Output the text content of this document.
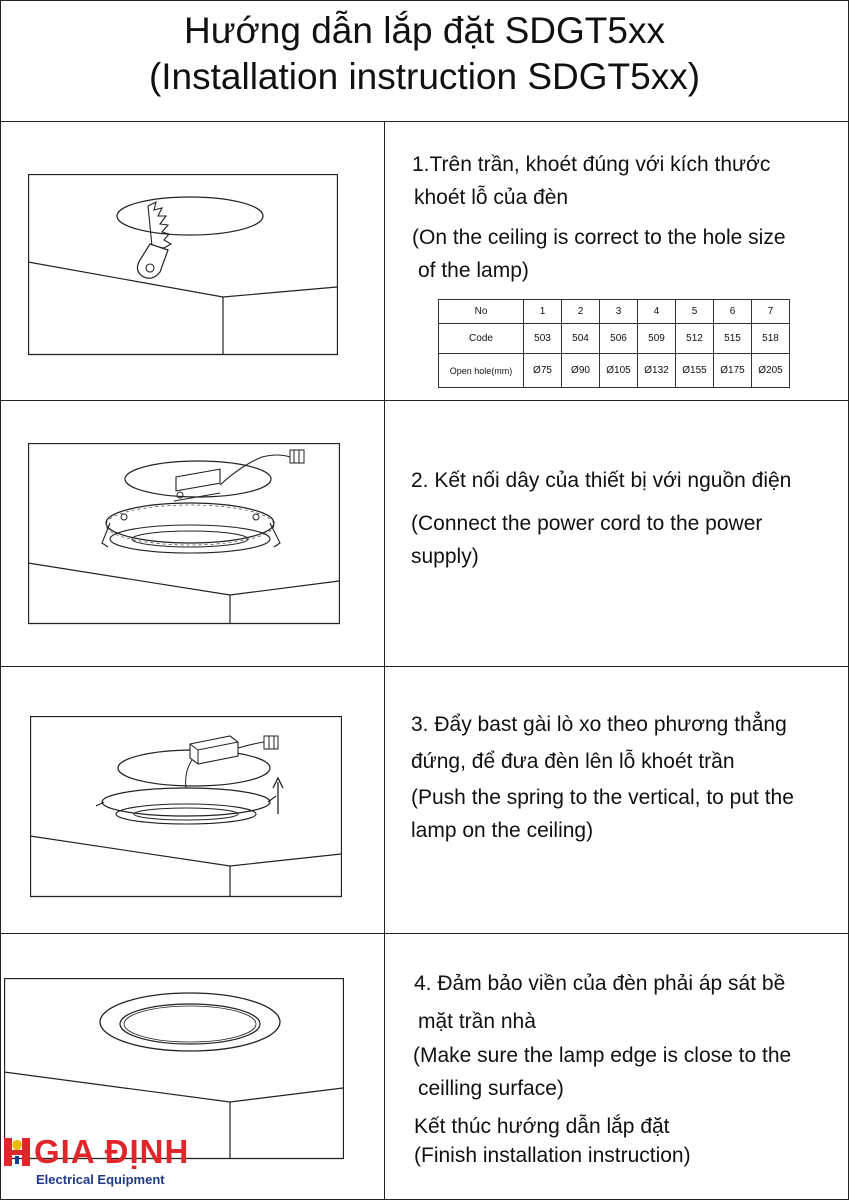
Hướng dẫn lắp đặt SDGT5xx
(Installation instruction SDGT5xx)
1.Trên trần, khoét đúng với kích thước
khoét lỗ của đèn
(On the ceiling is correct to the hole size
of the lamp)
No	1	2	3	4	5	6	7
Code	503	504	506	509	512	515	518
Open hole(mm)	Ø75	Ø90	Ø105	Ø132	Ø155	Ø175	Ø205
2. Kết nối dây của thiết bị với nguồn điện
(Connect the power cord to the power
supply)
3. Đẩy bast gài lò xo theo phương thẳng
đứng, để đưa đèn lên lỗ khoét trần
(Push the spring to the vertical, to put the
lamp on the ceiling)
4. Đảm bảo viền của đèn phải áp sát bề
mặt trần nhà
(Make sure the lamp edge is close to the
ceilling surface)
Kết thúc hướng dẫn lắp đặt
(Finish installation instruction)
GIA ĐỊNH
Electrical Equipment
